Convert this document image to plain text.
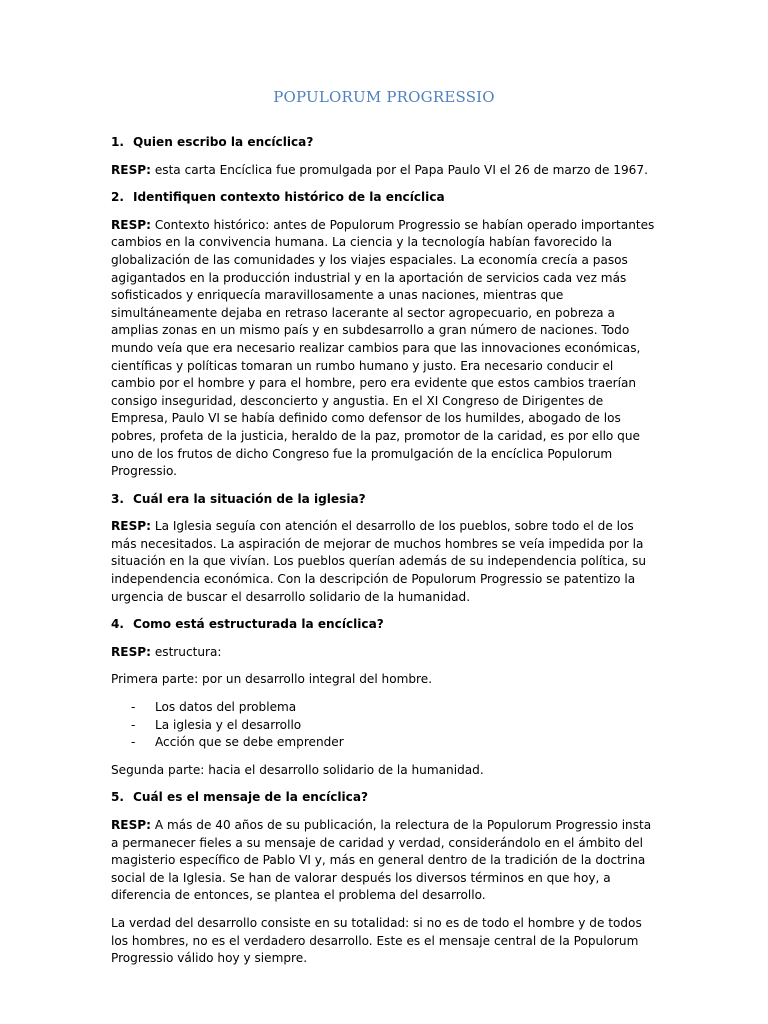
POPULORUM PROGRESSIO
1. Quien escribo la encíclica?

RESP: esta carta Encíclica fue promulgada por el Papa Paulo VI el 26 de marzo de 1967.

2. Identifiquen contexto histórico de la encíclica

RESP: Contexto histórico: antes de Populorum Progressio se habían operado importantes cambios en la convivencia humana. La ciencia y la tecnología habían favorecido la globalización de las comunidades y los viajes espaciales. La economía crecía a pasos agigantados en la producción industrial y en la aportación de servicios cada vez más sofisticados y enriquecía maravillosamente a unas naciones, mientras que simultáneamente dejaba en retraso lacerante al sector agropecuario, en pobreza a amplias zonas en un mismo país y en subdesarrollo a gran número de naciones. Todo mundo veía que era necesario realizar cambios para que las innovaciones económicas, científicas y políticas tomaran un rumbo humano y justo. Era necesario conducir el cambio por el hombre y para el hombre, pero era evidente que estos cambios traerían consigo inseguridad, desconcierto y angustia. En el XI Congreso de Dirigentes de Empresa, Paulo VI se había definido como defensor de los humildes, abogado de los pobres, profeta de la justicia, heraldo de la paz, promotor de la caridad, es por ello que uno de los frutos de dicho Congreso fue la promulgación de la encíclica Populorum Progressio.

3. Cuál era la situación de la iglesia?

RESP: La Iglesia seguía con atención el desarrollo de los pueblos, sobre todo el de los más necesitados. La aspiración de mejorar de muchos hombres se veía impedida por la situación en la que vivían. Los pueblos querían además de su independencia política, su independencia económica. Con la descripción de Populorum Progressio se patentizo la urgencia de buscar el desarrollo solidario de la humanidad.

4. Como está estructurada la encíclica?

RESP: estructura:

Primera parte: por un desarrollo integral del hombre.

- Los datos del problema
- La iglesia y el desarrollo
- Acción que se debe emprender

Segunda parte: hacia el desarrollo solidario de la humanidad.

5. Cuál es el mensaje de la encíclica?

RESP: A más de 40 años de su publicación, la relectura de la Populorum Progressio insta a permanecer fieles a su mensaje de caridad y verdad, considerándolo en el ámbito del magisterio específico de Pablo VI y, más en general dentro de la tradición de la doctrina social de la Iglesia. Se han de valorar después los diversos términos en que hoy, a diferencia de entonces, se plantea el problema del desarrollo.

La verdad del desarrollo consiste en su totalidad: si no es de todo el hombre y de todos los hombres, no es el verdadero desarrollo. Este es el mensaje central de la Populorum Progressio válido hoy y siempre.
